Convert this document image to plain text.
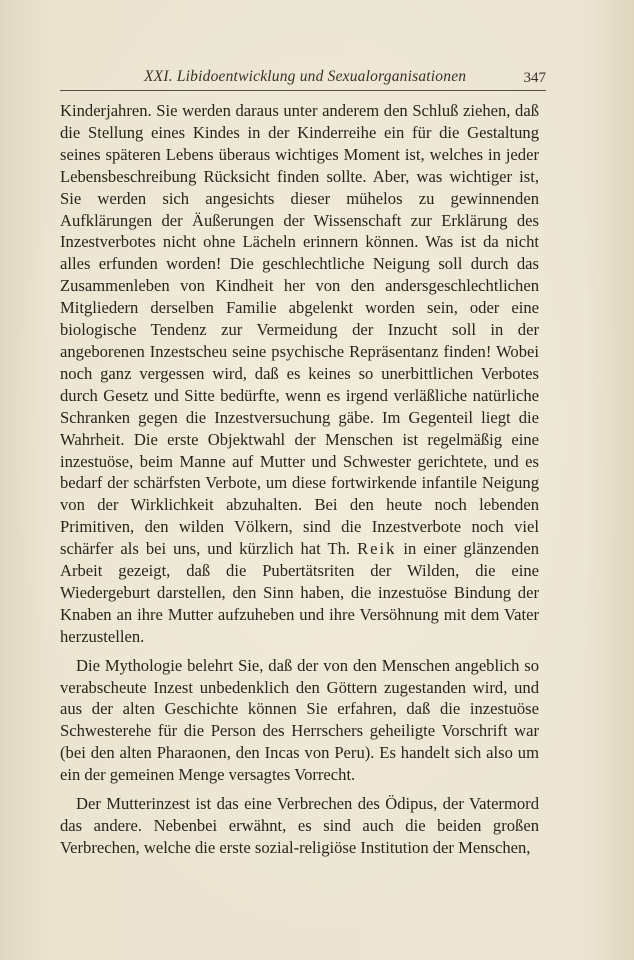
XXI. Libidoentwicklung und Sexualorganisationen	347

Kinderjahren. Sie werden daraus unter anderem den Schluß ziehen, daß die Stellung eines Kindes in der Kinderreihe ein für die Gestaltung seines späteren Lebens überaus wichtiges Moment ist, welches in jeder Lebensbeschreibung Rücksicht finden sollte. Aber, was wichtiger ist, Sie werden sich angesichts dieser mühelos zu gewinnenden Aufklärungen der Äußerungen der Wissenschaft zur Erklärung des Inzestverbotes nicht ohne Lächeln erinnern können. Was ist da nicht alles erfunden worden! Die geschlechtliche Neigung soll durch das Zusammenleben von Kindheit her von den andersgeschlechtlichen Mitgliedern derselben Familie abgelenkt worden sein, oder eine biologische Tendenz zur Vermeidung der Inzucht soll in der angeborenen Inzestscheu seine psychische Repräsentanz finden! Wobei noch ganz vergessen wird, daß es keines so unerbittlichen Verbotes durch Gesetz und Sitte bedürfte, wenn es irgend verläßliche natürliche Schranken gegen die Inzestversuchung gäbe. Im Gegenteil liegt die Wahrheit. Die erste Objektwahl der Menschen ist regelmäßig eine inzestuöse, beim Manne auf Mutter und Schwester gerichtete, und es bedarf der schärfsten Verbote, um diese fortwirkende infantile Neigung von der Wirklichkeit abzuhalten. Bei den heute noch lebenden Primitiven, den wilden Völkern, sind die Inzestverbote noch viel schärfer als bei uns, und kürzlich hat Th. Reik in einer glänzenden Arbeit gezeigt, daß die Pubertätsriten der Wilden, die eine Wiedergeburt darstellen, den Sinn haben, die inzestuöse Bindung der Knaben an ihre Mutter aufzuheben und ihre Versöhnung mit dem Vater herzustellen.

Die Mythologie belehrt Sie, daß der von den Menschen angeblich so verabscheute Inzest unbedenklich den Göttern zugestanden wird, und aus der alten Geschichte können Sie erfahren, daß die inzestuöse Schwesterehe für die Person des Herrschers geheiligte Vorschrift war (bei den alten Pharaonen, den Incas von Peru). Es handelt sich also um ein der gemeinen Menge versagtes Vorrecht.

Der Mutterinzest ist das eine Verbrechen des Ödipus, der Vatermord das andere. Nebenbei erwähnt, es sind auch die beiden großen Verbrechen, welche die erste sozial-religiöse Institution der Menschen,
